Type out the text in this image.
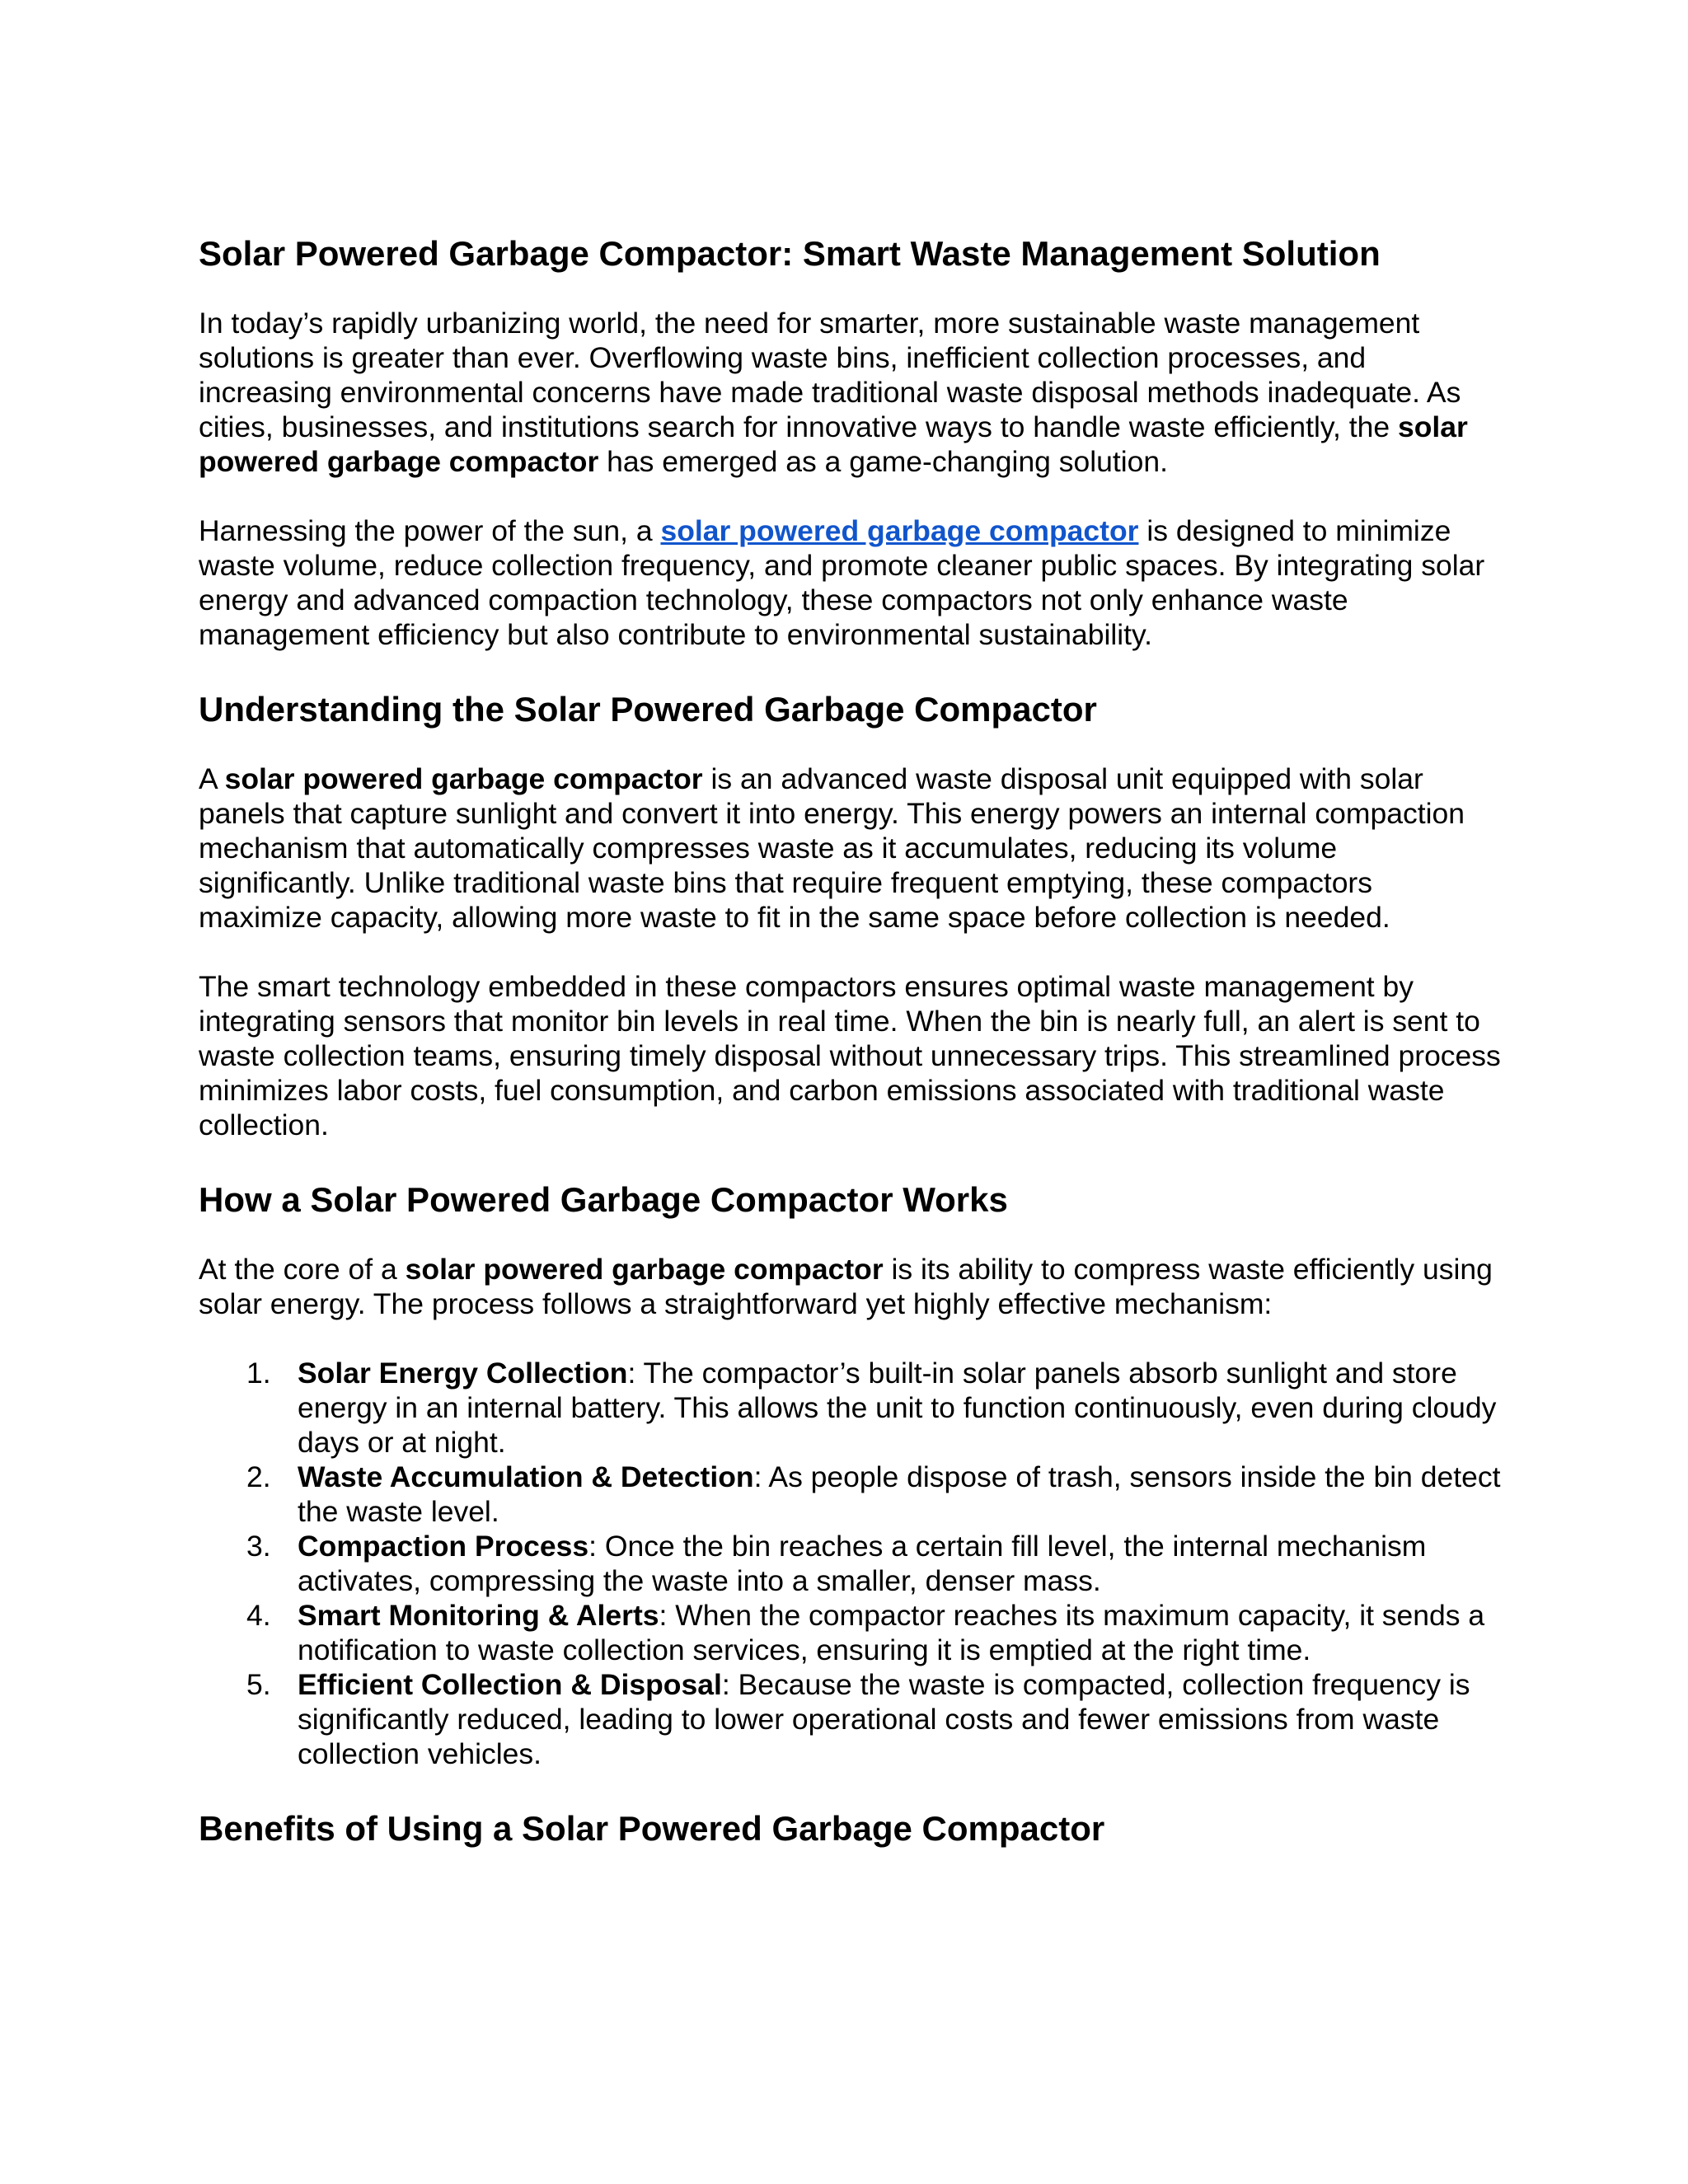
Solar Powered Garbage Compactor: Smart Waste Management Solution

In today’s rapidly urbanizing world, the need for smarter, more sustainable waste management solutions is greater than ever. Overflowing waste bins, inefficient collection processes, and increasing environmental concerns have made traditional waste disposal methods inadequate. As cities, businesses, and institutions search for innovative ways to handle waste efficiently, the solar powered garbage compactor has emerged as a game-changing solution.

Harnessing the power of the sun, a solar powered garbage compactor is designed to minimize waste volume, reduce collection frequency, and promote cleaner public spaces. By integrating solar energy and advanced compaction technology, these compactors not only enhance waste management efficiency but also contribute to environmental sustainability.

Understanding the Solar Powered Garbage Compactor

A solar powered garbage compactor is an advanced waste disposal unit equipped with solar panels that capture sunlight and convert it into energy. This energy powers an internal compaction mechanism that automatically compresses waste as it accumulates, reducing its volume significantly. Unlike traditional waste bins that require frequent emptying, these compactors maximize capacity, allowing more waste to fit in the same space before collection is needed.

The smart technology embedded in these compactors ensures optimal waste management by integrating sensors that monitor bin levels in real time. When the bin is nearly full, an alert is sent to waste collection teams, ensuring timely disposal without unnecessary trips. This streamlined process minimizes labor costs, fuel consumption, and carbon emissions associated with traditional waste collection.

How a Solar Powered Garbage Compactor Works

At the core of a solar powered garbage compactor is its ability to compress waste efficiently using solar energy. The process follows a straightforward yet highly effective mechanism:

1. Solar Energy Collection: The compactor’s built-in solar panels absorb sunlight and store energy in an internal battery. This allows the unit to function continuously, even during cloudy days or at night.
2. Waste Accumulation & Detection: As people dispose of trash, sensors inside the bin detect the waste level.
3. Compaction Process: Once the bin reaches a certain fill level, the internal mechanism activates, compressing the waste into a smaller, denser mass.
4. Smart Monitoring & Alerts: When the compactor reaches its maximum capacity, it sends a notification to waste collection services, ensuring it is emptied at the right time.
5. Efficient Collection & Disposal: Because the waste is compacted, collection frequency is significantly reduced, leading to lower operational costs and fewer emissions from waste collection vehicles.
Benefits of Using a Solar Powered Garbage Compactor
